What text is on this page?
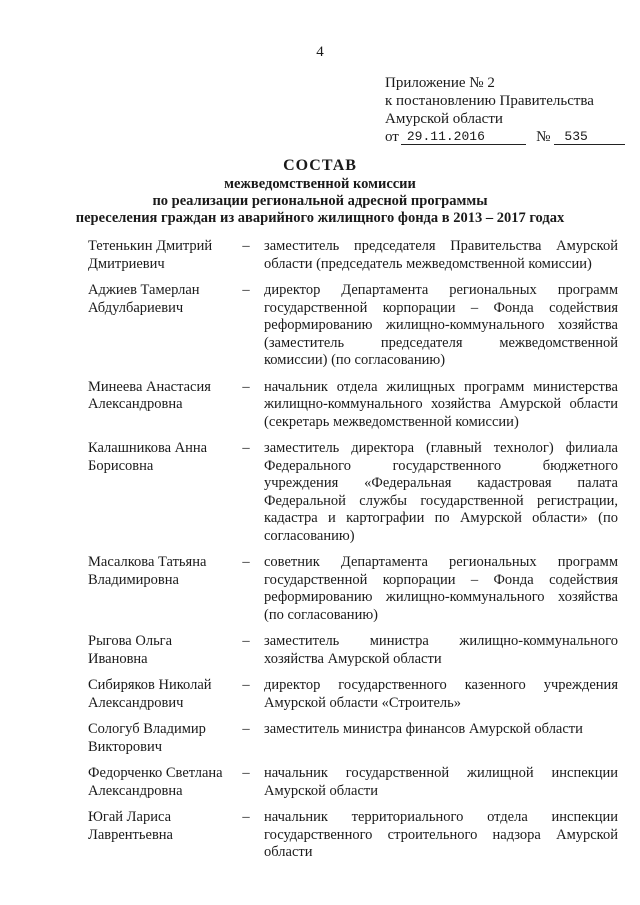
4
Приложение № 2
к постановлению Правительства
Амурской области
от 29.11.2016	№	535
СОСТАВ
межведомственной комиссии
по реализации региональной адресной программы
переселения граждан из аварийного жилищного фонда в 2013 – 2017 годах
Тетенькин Дмитрий Дмитриевич
– заместитель председателя Правительства Амурской области (председатель межведомственной комиссии)
Аджиев Тамерлан Абдулбариевич
– директор Департамента региональных программ государственной корпорации – Фонда содействия реформированию жилищно-коммунального хозяйства (заместитель председателя межведомственной комиссии) (по согласованию)
Минеева Анастасия Александровна
– начальник отдела жилищных программ министерства жилищно-коммунального хозяйства Амурской области (секретарь межведомственной комиссии)
Калашникова Анна Борисовна
– заместитель директора (главный технолог) филиала Федерального государственного бюджетного учреждения «Федеральная кадастровая палата Федеральной службы государственной регистрации, кадастра и картографии по Амурской области» (по согласованию)
Масалкова Татьяна Владимировна
– советник Департамента региональных программ государственной корпорации – Фонда содействия реформированию жилищно-коммунального хозяйства (по согласованию)
Рыгова Ольга Ивановна
– заместитель министра жилищно-коммунального хозяйства Амурской области
Сибиряков Николай Александрович
– директор государственного казенного учреждения Амурской области «Строитель»
Сологуб Владимир Викторович
– заместитель министра финансов Амурской области
Федорченко Светлана Александровна
– начальник государственной жилищной инспекции Амурской области
Югай Лариса Лаврентьевна
– начальник территориального отдела инспекции государственного строительного надзора Амурской области
